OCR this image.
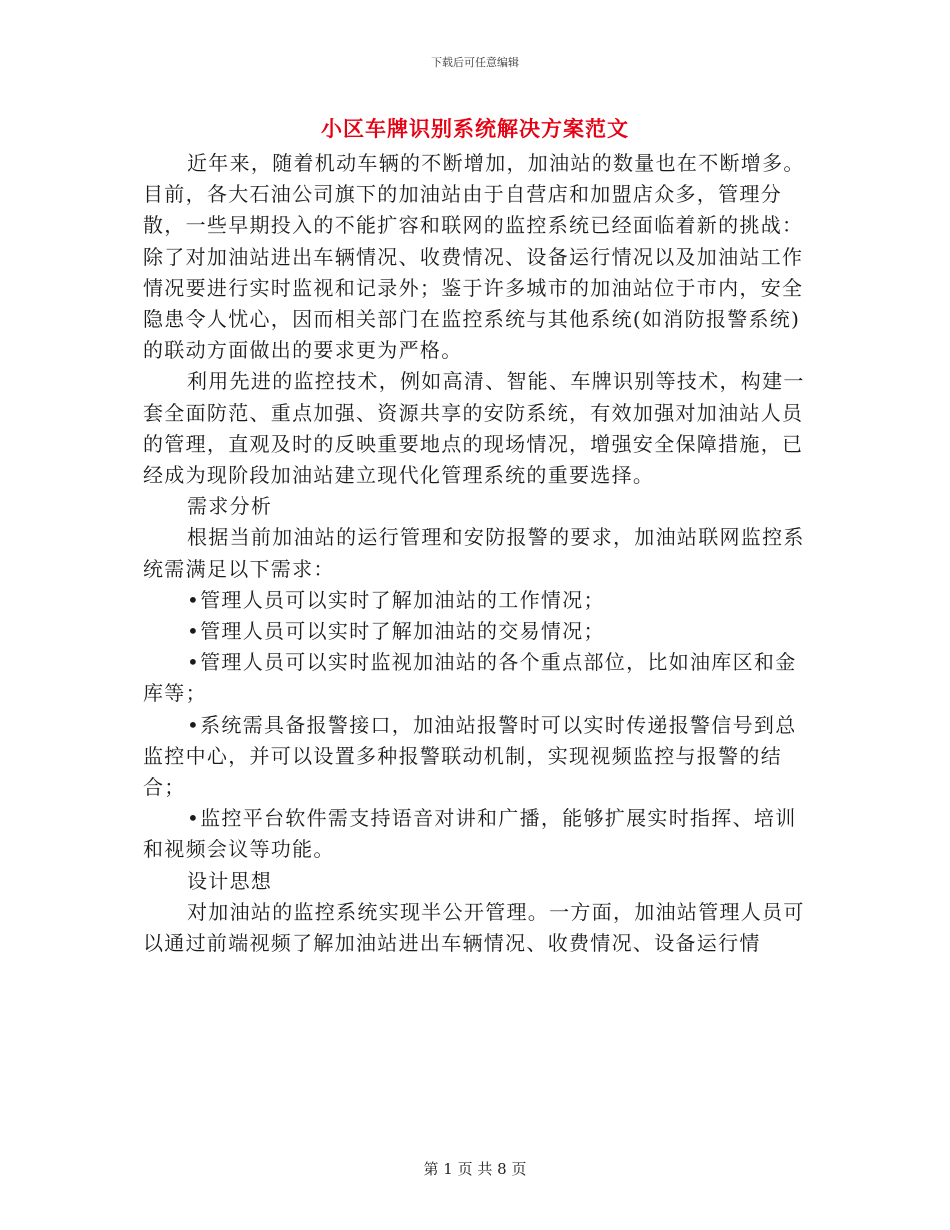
下载后可任意编辑
小区车牌识别系统解决方案范文

近年来，随着机动车辆的不断增加，加油站的数量也在不断增多。目前，各大石油公司旗下的加油站由于自营店和加盟店众多，管理分散，一些早期投入的不能扩容和联网的监控系统已经面临着新的挑战：除了对加油站进出车辆情况、收费情况、设备运行情况以及加油站工作情况要进行实时监视和记录外；鉴于许多城市的加油站位于市内，安全隐患令人忧心，因而相关部门在监控系统与其他系统(如消防报警系统)的联动方面做出的要求更为严格。

利用先进的监控技术，例如高清、智能、车牌识别等技术，构建一套全面防范、重点加强、资源共享的安防系统，有效加强对加油站人员的管理，直观及时的反映重要地点的现场情况，增强安全保障措施，已经成为现阶段加油站建立现代化管理系统的重要选择。

需求分析

根据当前加油站的运行管理和安防报警的要求，加油站联网监控系统需满足以下需求：

•管理人员可以实时了解加油站的工作情况；

•管理人员可以实时了解加油站的交易情况；

•管理人员可以实时监视加油站的各个重点部位，比如油库区和金库等；

•系统需具备报警接口，加油站报警时可以实时传递报警信号到总监控中心，并可以设置多种报警联动机制，实现视频监控与报警的结合；

•监控平台软件需支持语音对讲和广播，能够扩展实时指挥、培训和视频会议等功能。

设计思想

对加油站的监控系统实现半公开管理。一方面，加油站管理人员可以通过前端视频了解加油站进出车辆情况、收费情况、设备运行情

第 1 页 共 8 页
